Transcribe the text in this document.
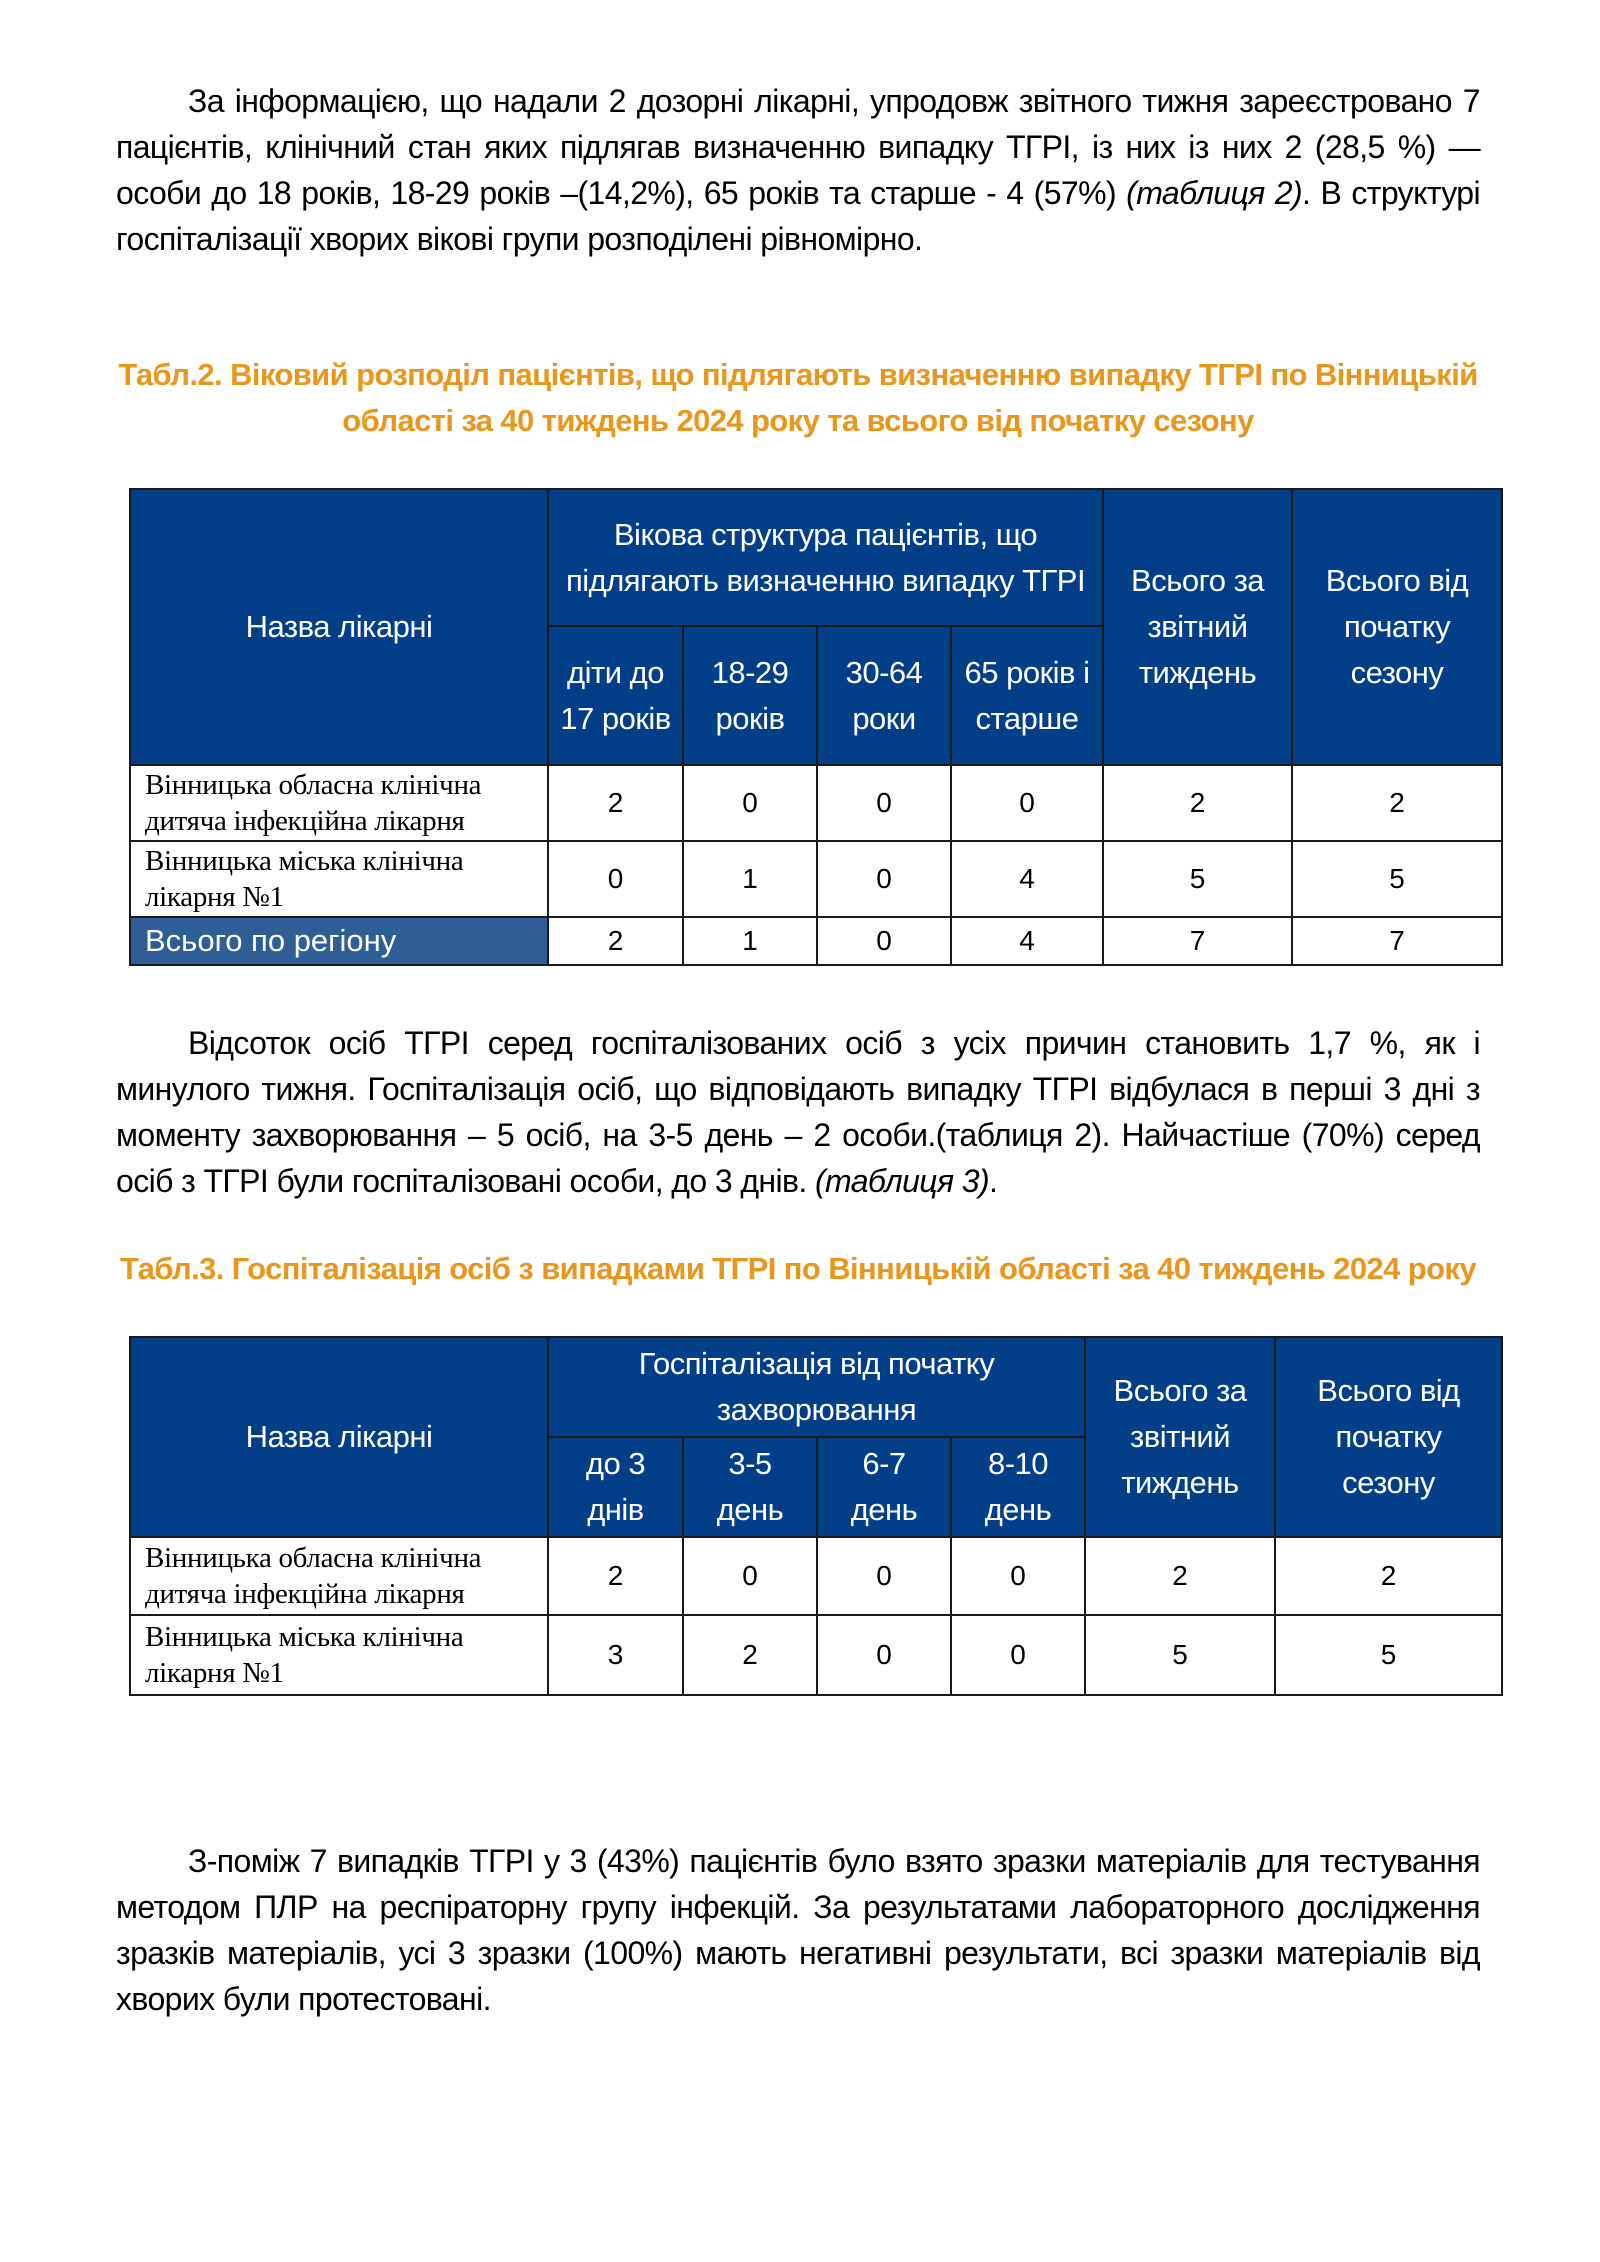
За інформацією, що надали 2 дозорні лікарні, упродовж звітного тижня зареєстровано 7 пацієнтів, клінічний стан яких підлягав визначенню випадку ТГРІ, із них із них 2 (28,5 %) — особи до 18 років, 18-29 років –(14,2%), 65 років та старше - 4 (57%) (таблиця 2). В структурі госпіталізації хворих вікові групи розподілені рівномірно.
Табл.2. Віковий розподіл пацієнтів, що підлягають визначенню випадку ТГРІ по Вінницькій області за 40 тиждень 2024 року та всього від початку сезону
Назва лікарні	Вікова структура пацієнтів, що підлягають визначенню випадку ТГРІ				Всього за звітний тиждень	Всього від початку сезону
	діти до 17 років	18-29 років	30-64 роки	65 років і старше		
Вінницька обласна клінічна дитяча інфекційна лікарня	2	0	0	0	2	2
Вінницька міська клінічна лікарня №1	0	1	0	4	5	5
Всього по регіону	2	1	0	4	7	7
Відсоток осіб ТГРІ серед госпіталізованих осіб з усіх причин становить 1,7 %, як і минулого тижня. Госпіталізація осіб, що відповідають випадку ТГРІ відбулася в перші 3 дні з моменту захворювання – 5 осіб, на 3-5 день – 2 особи.(таблиця 2). Найчастіше (70%) серед осіб з ТГРІ були госпіталізовані особи, до 3 днів. (таблиця 3).
Табл.3. Госпіталізація осіб з випадками ТГРІ по Вінницькій області за 40 тиждень 2024 року
Назва лікарні	Госпіталізація від початку захворювання				Всього за звітний тиждень	Всього від початку сезону
	до 3 днів	3-5 день	6-7 день	8-10 день		
Вінницька обласна клінічна дитяча інфекційна лікарня	2	0	0	0	2	2
Вінницька міська клінічна лікарня №1	3	2	0	0	5	5
З-поміж 7 випадків ТГРІ у 3 (43%) пацієнтів було взято зразки матеріалів для тестування методом ПЛР на респіраторну групу інфекцій. За результатами лабораторного дослідження зразків матеріалів, усі 3 зразки (100%) мають негативні результати, всі зразки матеріалів від хворих були протестовані.
